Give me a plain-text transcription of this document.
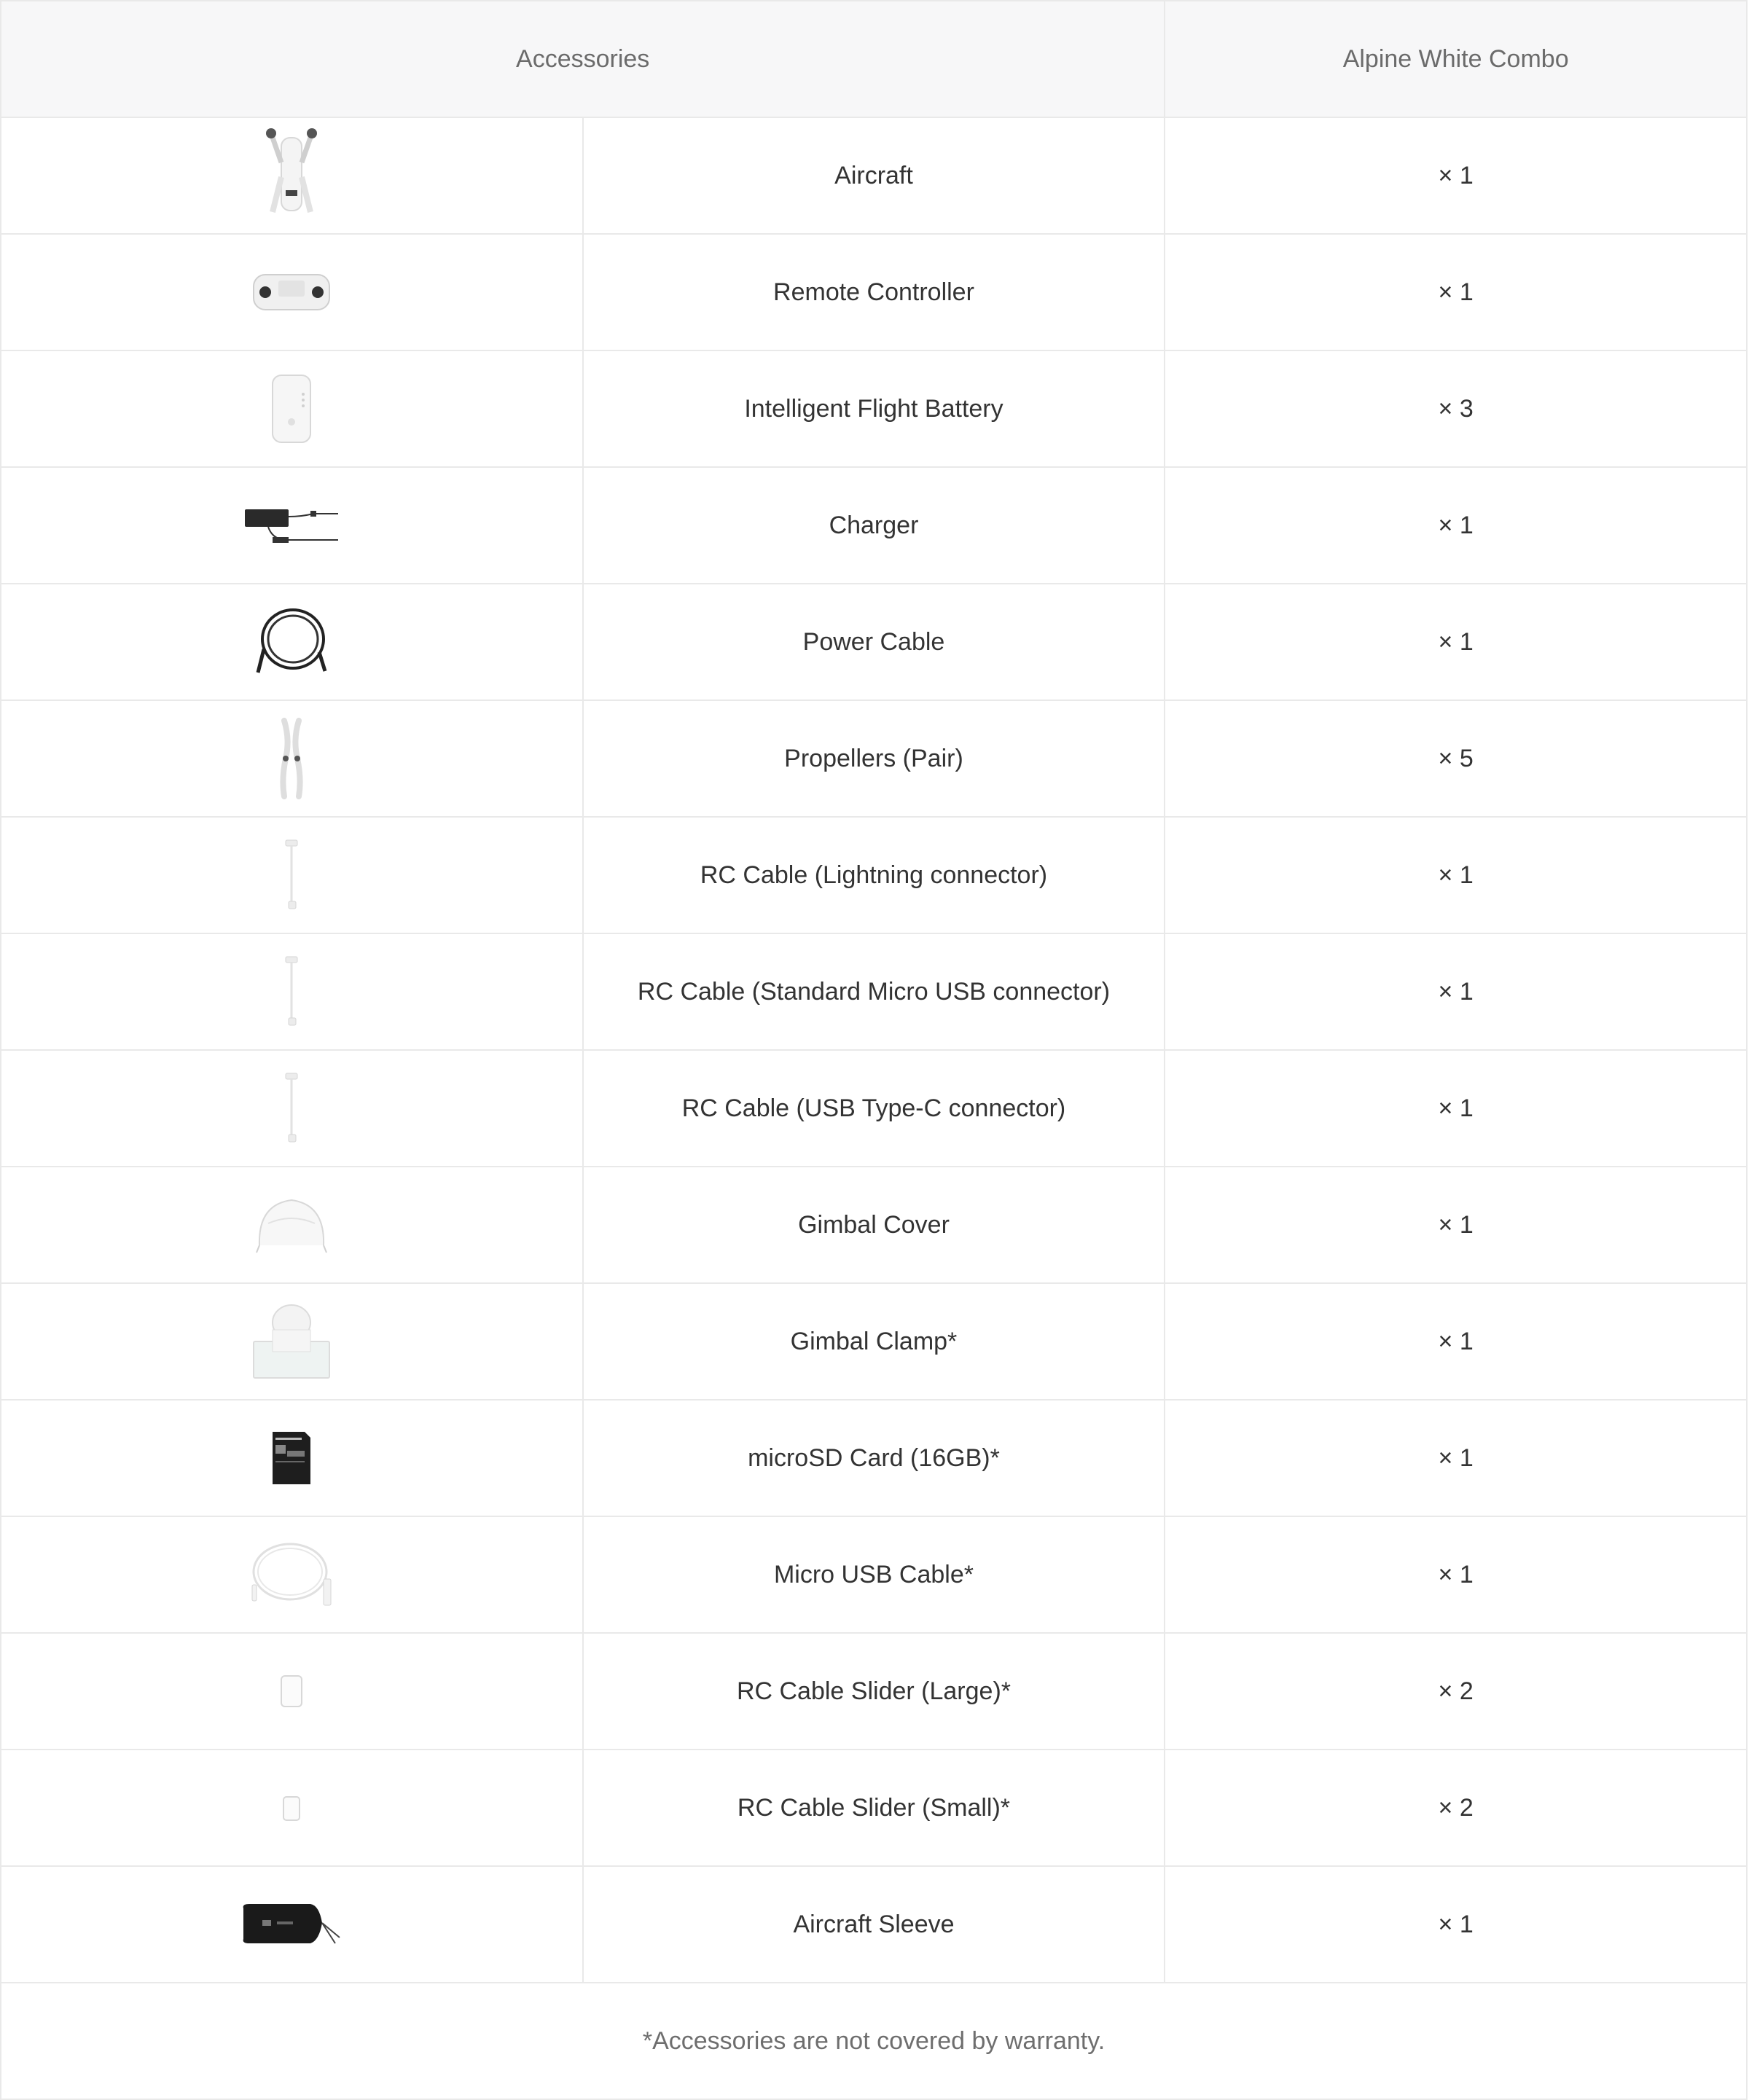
Accessories		Alpine White Combo

	Aircraft	× 1

	Remote Controller	× 1

	Intelligent Flight Battery	× 3

	Charger	× 1

	Power Cable	× 1

	Propellers (Pair)	× 5

	RC Cable (Lightning connector)	× 1

	RC Cable (Standard Micro USB connector)	× 1

	RC Cable (USB Type-C connector)	× 1

	Gimbal Cover	× 1

	Gimbal Clamp*	× 1

	microSD Card (16GB)*	× 1

	Micro USB Cable*	× 1

	RC Cable Slider (Large)*	× 2

	RC Cable Slider (Small)*	× 2

	Aircraft Sleeve	× 1
*Accessories are not covered by warranty.		
